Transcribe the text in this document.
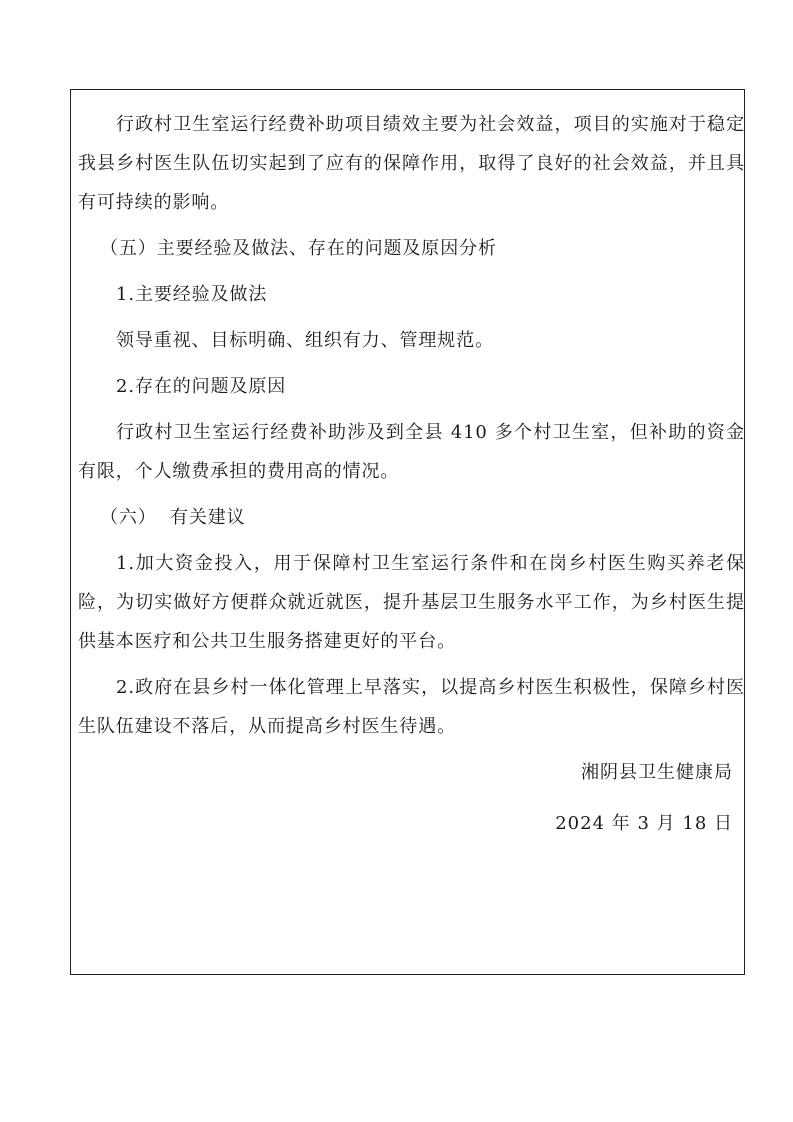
行政村卫生室运行经费补助项目绩效主要为社会效益，项目的实施对于稳定我县乡村医生队伍切实起到了应有的保障作用，取得了良好的社会效益，并且具有可持续的影响。

（五）主要经验及做法、存在的问题及原因分析

1.主要经验及做法

领导重视、目标明确、组织有力、管理规范。

2.存在的问题及原因

行政村卫生室运行经费补助涉及到全县 410 多个村卫生室，但补助的资金有限，个人缴费承担的费用高的情况。

（六）  有关建议

1.加大资金投入，用于保障村卫生室运行条件和在岗乡村医生购买养老保险，为切实做好方便群众就近就医，提升基层卫生服务水平工作，为乡村医生提供基本医疗和公共卫生服务搭建更好的平台。

2.政府在县乡村一体化管理上早落实，以提高乡村医生积极性，保障乡村医生队伍建设不落后，从而提高乡村医生待遇。

湘阴县卫生健康局

2024 年 3 月 18 日
